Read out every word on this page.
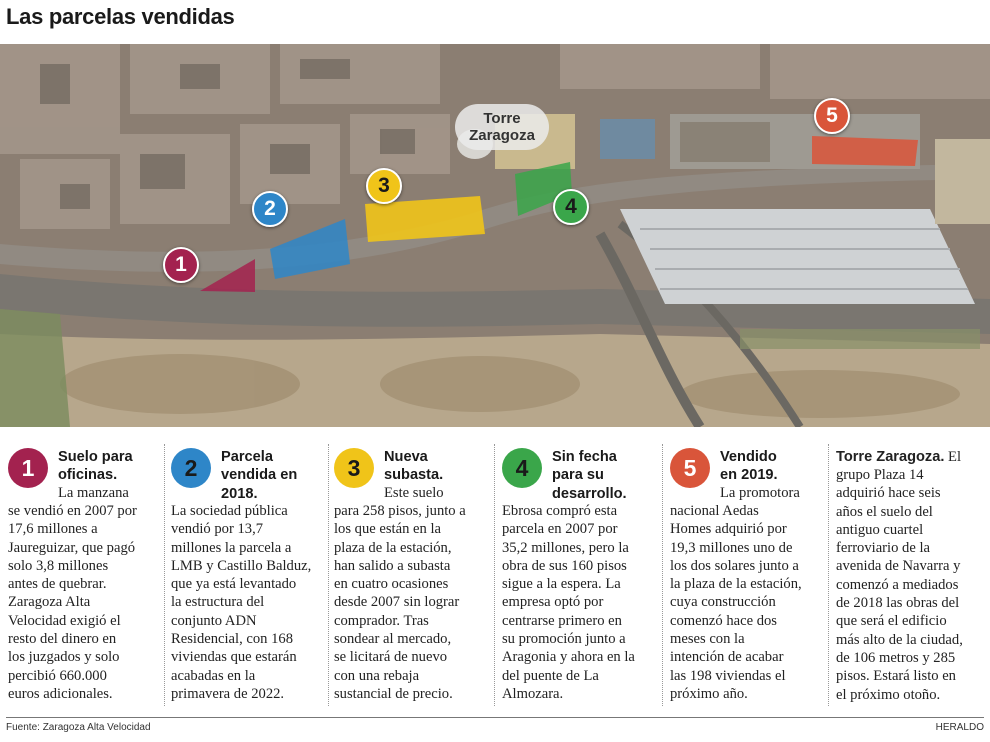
Las parcelas vendidas
Torre
Zaragoza
1
2
3
4
5
1	Suelo para
oficinas.
La manzana
se vendió en 2007 por
17,6 millones a
Jaureguizar, que pagó
solo 3,8 millones
antes de quebrar.
Zaragoza Alta
Velocidad exigió el
resto del dinero en
los juzgados y solo
percibió 660.000
euros adicionales.
2	Parcela
vendida en
2018.
La sociedad pública
vendió por 13,7
millones la parcela a
LMB y Castillo Balduz,
que ya está levantado
la estructura del
conjunto ADN
Residencial, con 168
viviendas que estarán
acabadas en la
primavera de 2022.
3	Nueva
subasta.
Este suelo
para 258 pisos, junto a
los que están en la
plaza de la estación,
han salido a subasta
en cuatro ocasiones
desde 2007 sin lograr
comprador. Tras
sondear al mercado,
se licitará de nuevo
con una rebaja
sustancial de precio.
4	Sin fecha
para su
desarrollo.
Ebrosa compró esta
parcela en 2007 por
35,2 millones, pero la
obra de sus 160 pisos
sigue a la espera. La
empresa optó por
centrarse primero en
su promoción junto a
Aragonia y ahora en la
del puente de La
Almozara.
5	Vendido
en 2019.
La promotora
nacional Aedas
Homes adquirió por
19,3 millones uno de
los dos solares junto a
la plaza de la estación,
cuya construcción
comenzó hace dos
meses con la
intención de acabar
las 198 viviendas el
próximo año.
Torre Zaragoza. El
grupo Plaza 14
adquirió hace seis
años el suelo del
antiguo cuartel
ferroviario de la
avenida de Navarra y
comenzó a mediados
de 2018 las obras del
que será el edificio
más alto de la ciudad,
de 106 metros y 285
pisos. Estará listo en
el próximo otoño.
Fuente: Zaragoza Alta Velocidad	HERALDO
